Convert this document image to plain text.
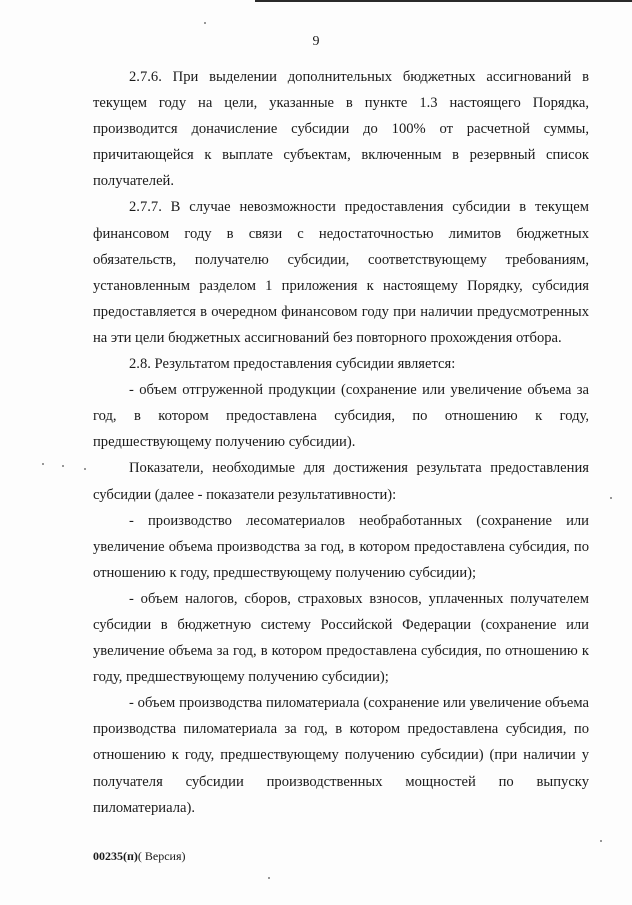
9

2.7.6. При выделении дополнительных бюджетных ассигнований в текущем году на цели, указанные в пункте 1.3 настоящего Порядка, производится доначисление субсидии до 100% от расчетной суммы, причитающейся к выплате субъектам, включенным в резервный список получателей.

2.7.7. В случае невозможности предоставления субсидии в текущем финансовом году в связи с недостаточностью лимитов бюджетных обязательств, получателю субсидии, соответствующему требованиям, установленным разделом 1 приложения к настоящему Порядку, субсидия предоставляется в очередном финансовом году при наличии предусмотренных на эти цели бюджетных ассигнований без повторного прохождения отбора.

2.8. Результатом предоставления субсидии является:

- объем отгруженной продукции (сохранение или увеличение объема за год, в котором предоставлена субсидия, по отношению к году, предшествующему получению субсидии).

Показатели, необходимые для достижения результата предоставления субсидии (далее - показатели результативности):

- производство лесоматериалов необработанных (сохранение или увеличение объема производства за год, в котором предоставлена субсидия, по отношению к году, предшествующему получению субсидии);

- объем налогов, сборов, страховых взносов, уплаченных получателем субсидии в бюджетную систему Российской Федерации (сохранение или увеличение объема за год, в котором предоставлена субсидия, по отношению к году, предшествующему получению субсидии);

- объем производства пиломатериала (сохранение или увеличение объема производства пиломатериала за год, в котором предоставлена субсидия, по отношению к году, предшествующему получению субсидии) (при наличии у получателя субсидии производственных мощностей по выпуску пиломатериала).

00235(п)( Версия)
